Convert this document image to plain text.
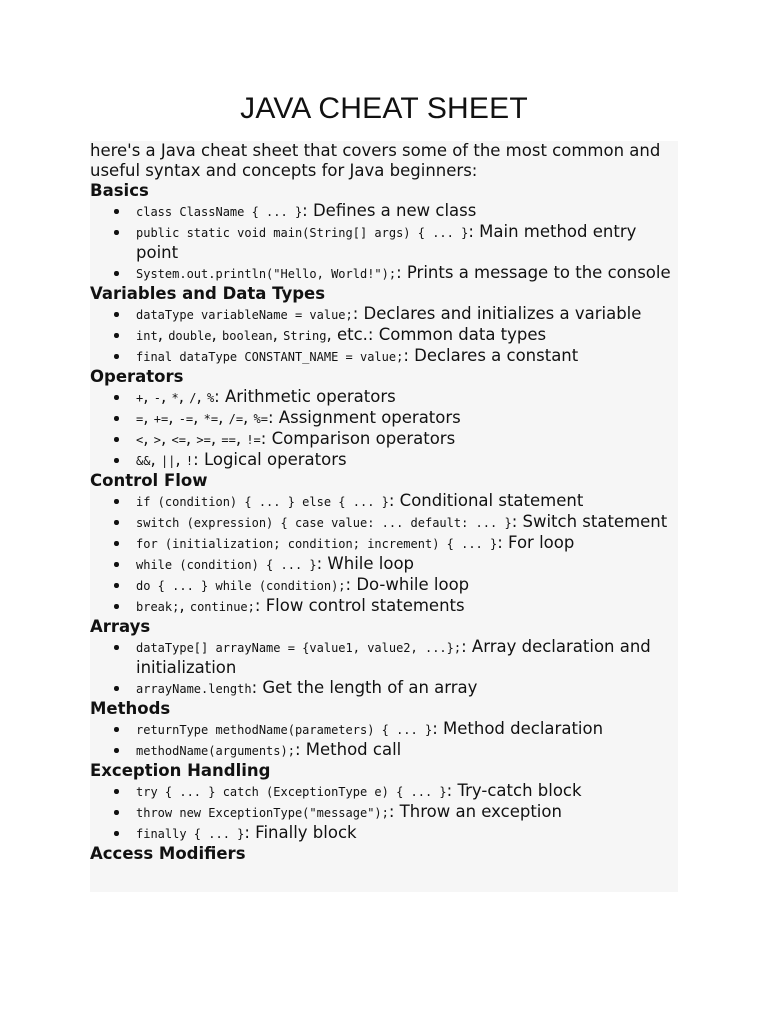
JAVA CHEAT SHEET

here's a Java cheat sheet that covers some of the most common and useful syntax and concepts for Java beginners:

Basics
class ClassName { ... }: Defines a new class
public static void main(String[] args) { ... }: Main method entry point
System.out.println("Hello, World!");: Prints a message to the console
Variables and Data Types
dataType variableName = value;: Declares and initializes a variable
int, double, boolean, String, etc.: Common data types
final dataType CONSTANT_NAME = value;: Declares a constant
Operators
+, -, *, /, %: Arithmetic operators
=, +=, -=, *=, /=, %=: Assignment operators
<, >, <=, >=, ==, !=: Comparison operators
&&, ||, !: Logical operators
Control Flow
if (condition) { ... } else { ... }: Conditional statement
switch (expression) { case value: ... default: ... }: Switch statement
for (initialization; condition; increment) { ... }: For loop
while (condition) { ... }: While loop
do { ... } while (condition);: Do-while loop
break;, continue;: Flow control statements
Arrays
dataType[] arrayName = {value1, value2, ...};: Array declaration and initialization
arrayName.length: Get the length of an array
Methods
returnType methodName(parameters) { ... }: Method declaration
methodName(arguments);: Method call
Exception Handling
try { ... } catch (ExceptionType e) { ... }: Try-catch block
throw new ExceptionType("message");: Throw an exception
finally { ... }: Finally block
Access Modifiers
